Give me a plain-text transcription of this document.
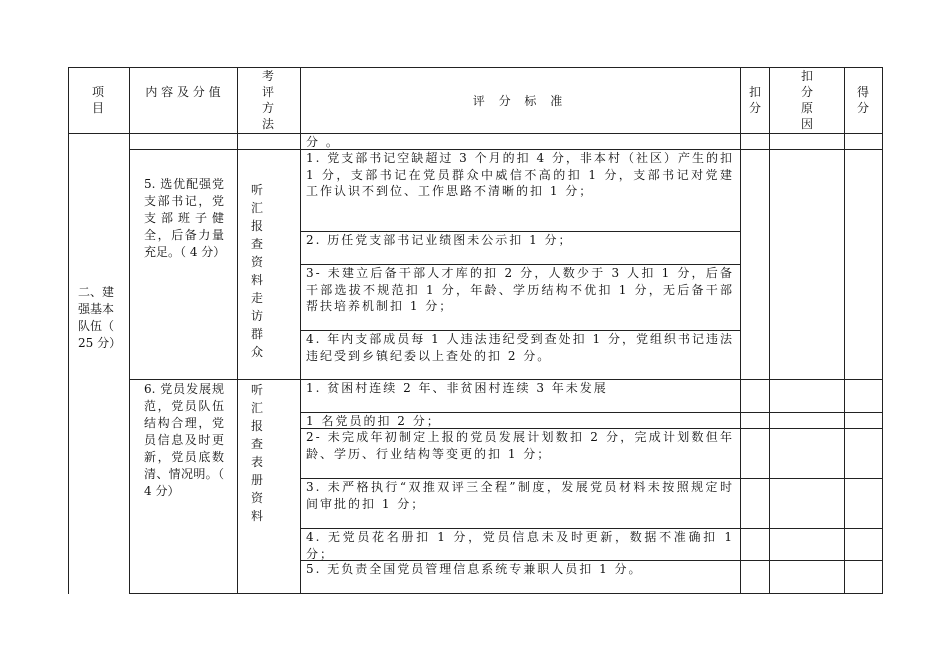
项目
内 容 及 分 值
考评方法
评 分 标 准
扣分
扣分原因
得分
二、建强基本队伍（ 25 分）
分 。
5. 选优配强党支部书记，党支部班子健全，后备力量充足。（ 4 分）
听汇报查资料走访群众
1. 党支部书记空缺超过 3 个月的扣 4 分，非本村（社区）产生的扣 1 分，支部书记在党员群众中威信不高的扣 1 分，支部书记对党建工作认识不到位、工作思路不清晰的扣 1 分；
2. 历任党支部书记业绩图未公示扣 1 分；
3- 未建立后备干部人才库的扣 2 分，人数少于 3 人扣 1 分，后备干部选拔不规范扣 1 分，年龄、学历结构不优扣 1 分，无后备干部帮扶培养机制扣 1 分；
4. 年内支部成员每 1 人违法违纪受到查处扣 1 分，党组织书记违法违纪受到乡镇纪委以上查处的扣 2 分。
6. 党员发展规范，党员队伍结构合理，党员信息及时更新，党员底数清、情况明。（ 4 分）
听汇报查表册资料
1. 贫困村连续 2 年、非贫困村连续 3 年未发展
1 名党员的扣 2 分；
2- 未完成年初制定上报的党员发展计划数扣 2 分，完成计划数但年龄、学历、行业结构等变更的扣 1 分；
3. 未严格执行“双推双评三全程”制度，发展党员材料未按照规定时间审批的扣 1 分；
4. 无党员花名册扣 1 分，党员信息未及时更新，数据不准确扣 1 分；
5. 无负责全国党员管理信息系统专兼职人员扣 1 分。
